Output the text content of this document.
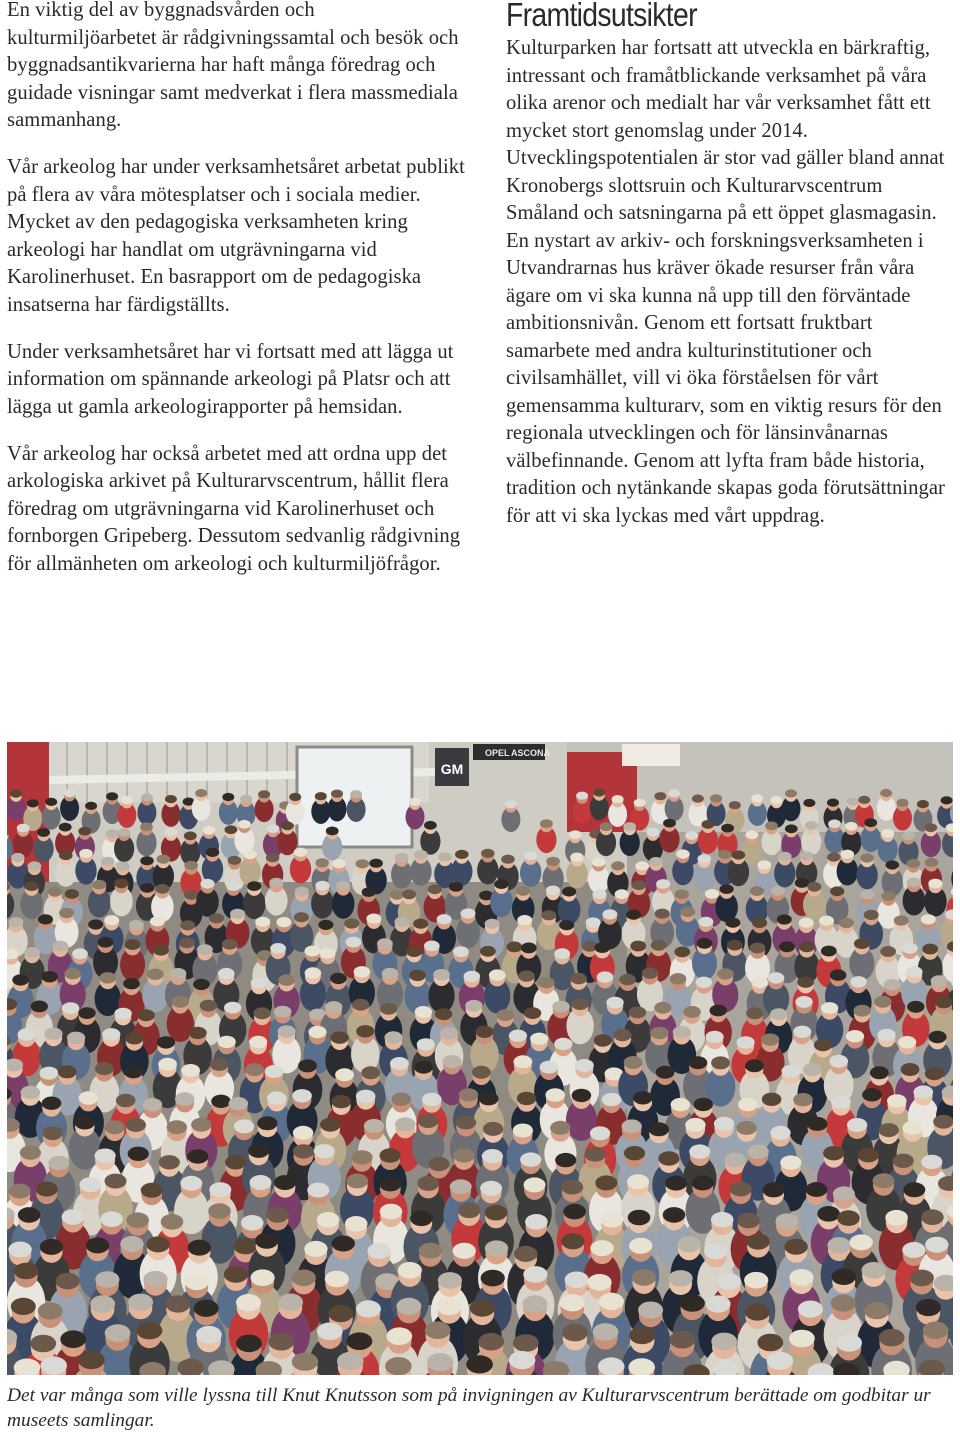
En viktig del av byggnadsvården och kulturmiljöarbetet är rådgivningssamtal och besök och byggnadsantikvarierna har haft många föredrag och guidade visningar samt medverkat i flera massmediala sammanhang.

Vår arkeolog har under verksamhetsåret arbetat publikt på flera av våra mötesplatser och i sociala medier. Mycket av den pedagogiska verksamheten kring arkeologi har handlat om utgrävningarna vid Karolinerhuset. En basrapport om de pedagogiska insatserna har färdigställts.

Under verksamhetsåret har vi fortsatt med att lägga ut information om spännande arkeologi på Platsr och att lägga ut gamla arkeologirapporter på hemsidan.

Vår arkeolog har också arbetet med att ordna upp det arkologiska arkivet på Kulturarvscentrum, hållit flera föredrag om utgrävningarna vid Karolinerhuset och fornborgen Gripeberg. Dessutom sedvanlig rådgivning för allmänheten om arkeologi och kulturmiljöfrågor.

Framtidsutsikter

Kulturparken har fortsatt att utveckla en bärkraftig, intressant och framåtblickande verksamhet på våra olika arenor och medialt har vår verksamhet fått ett mycket stort genomslag under 2014. Utvecklingspotentialen är stor vad gäller bland annat Kronobergs slottsruin och Kulturarvscentrum Småland och satsningarna på ett öppet glasmagasin. En nystart av arkiv- och forskningsverksamheten i Utvandrarnas hus kräver ökade resurser från våra ägare om vi ska kunna nå upp till den förväntade ambitionsnivån. Genom ett fortsatt fruktbart samarbete med andra kulturinstitutioner och civilsamhället, vill vi öka förståelsen för vårt gemensamma kulturarv, som en viktig resurs för den regionala utvecklingen och för länsinvånarnas välbefinnande. Genom att lyfta fram både historia, tradition och nytänkande skapas goda förutsättningar för att vi ska lyckas med vårt uppdrag.

GM
OPEL ASCONA
Det var många som ville lyssna till Knut Knutsson som på invigningen av Kulturarvscentrum berättade om godbitar ur museets samlingar.
